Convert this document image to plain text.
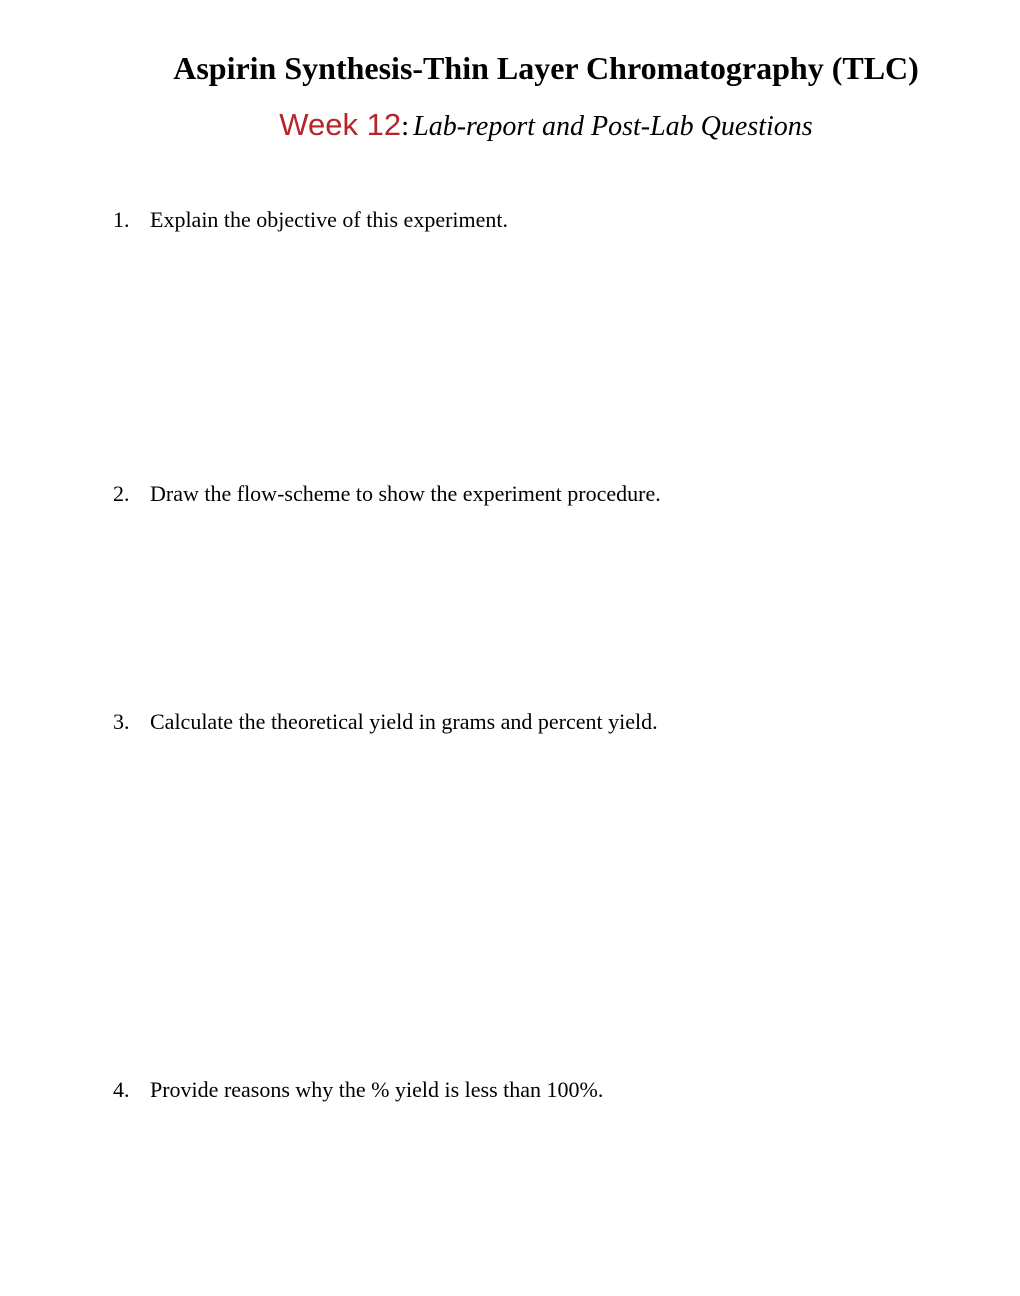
Aspirin Synthesis-Thin Layer Chromatography (TLC)
Week 12: Lab-report and Post-Lab Questions
1. Explain the objective of this experiment.
2. Draw the flow-scheme to show the experiment procedure.
3. Calculate the theoretical yield in grams and percent yield.
4. Provide reasons why the % yield is less than 100%.
